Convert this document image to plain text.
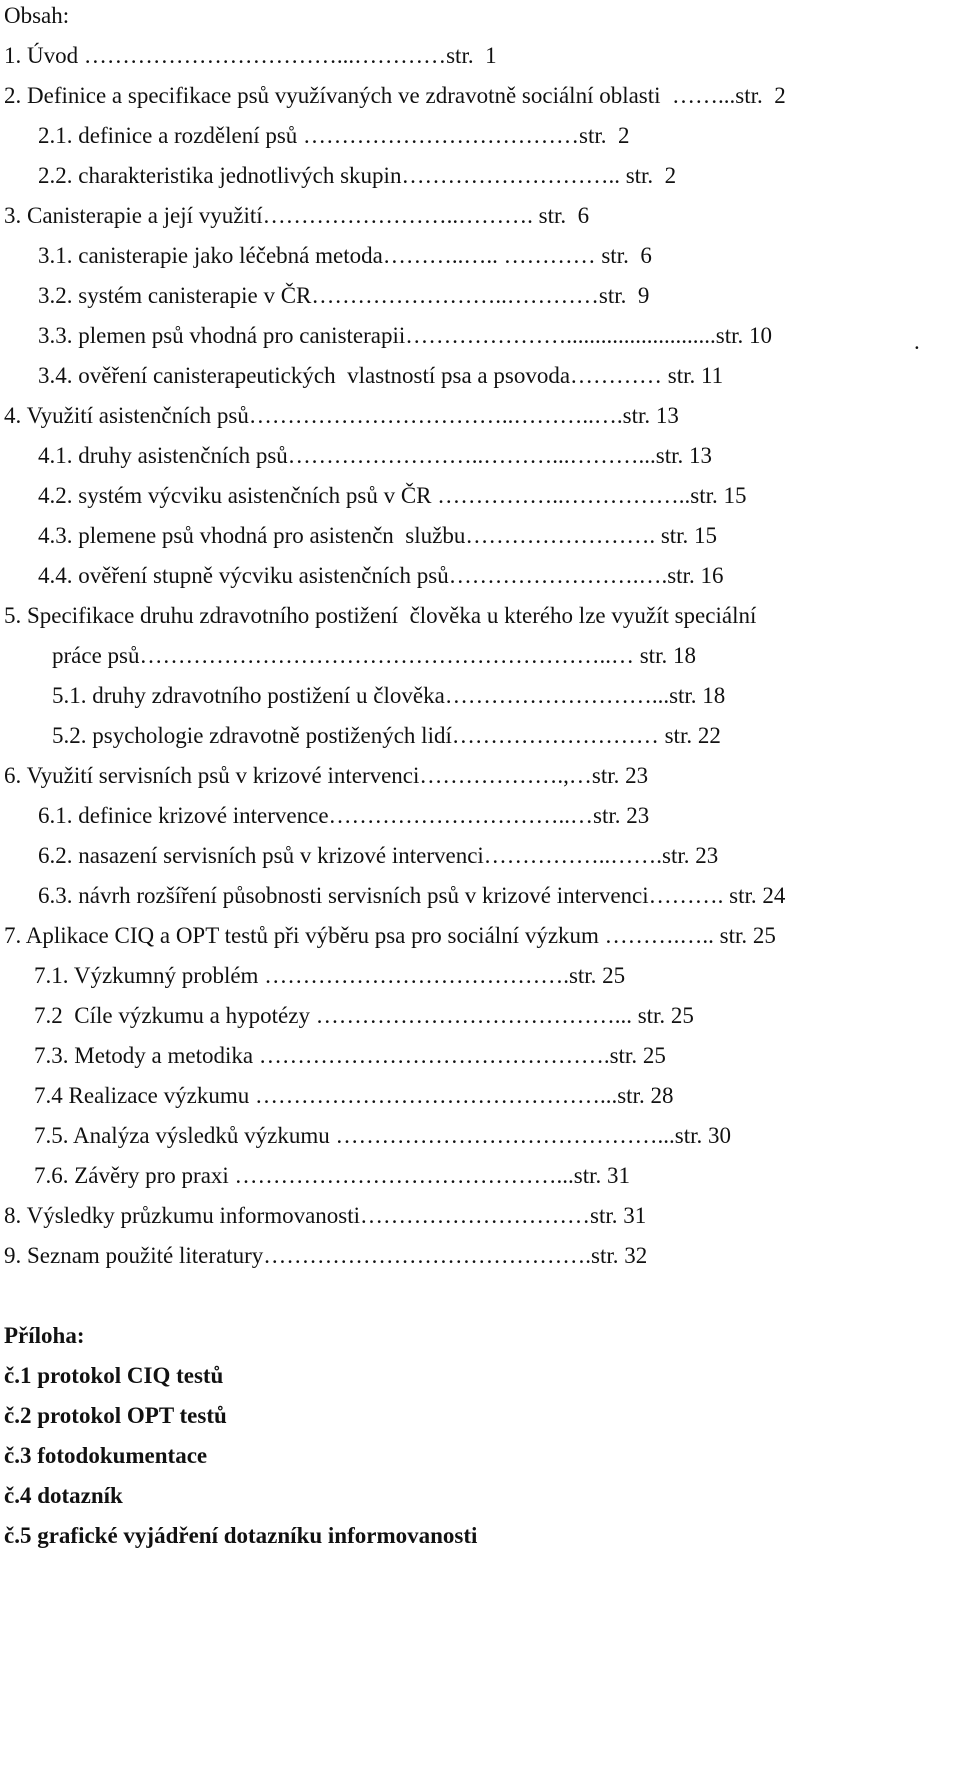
Obsah:
1. Úvod ……………………………...…………str.  1
2. Definice a specifikace psů využívaných ve zdravotně sociální oblasti  ……...str.  2
2.1. definice a rozdělení psů ………………………………str.  2
2.2. charakteristika jednotlivých skupin……………………….. str.  2
3. Canisterapie a její využití……………………..………. str.  6
3.1. canisterapie jako léčebná metoda………..….. ………… str.  6
3.2. systém canisterapie v ČR……………………..…………str.  9
3.3. plemen psů vhodná pro canisterapii…………………..........................str. 10
3.4. ověření canisterapeutických  vlastností psa a psovoda………… str. 11
4. Využití asistenčních psů……………………………..………..….str. 13
4.1. druhy asistenčních psů……………………..………...………...str. 13
4.2. systém výcviku asistenčních psů v ČR ……………..……………..str. 15
4.3. plemene psů vhodná pro asistenčn  službu……………………. str. 15
4.4. ověření stupně výcviku asistenčních psů…………………….….str. 16
5. Specifikace druhu zdravotního postižení  člověka u kterého lze využít speciální
práce psů……………………………………………………..… str. 18
5.1. druhy zdravotního postižení u člověka………………………...str. 18
5.2. psychologie zdravotně postižených lidí……………………… str. 22
6. Využití servisních psů v krizové intervenci……………….,…str. 23
6.1. definice krizové intervence…………………………..…str. 23
6.2. nasazení servisních psů v krizové intervenci……………..…….str. 23
6.3. návrh rozšíření působnosti servisních psů v krizové intervenci………. str. 24
7. Aplikace CIQ a OPT testů při výběru psa pro sociální výzkum ……….….. str. 25
7.1. Výzkumný problém ………………………………….str. 25
7.2  Cíle výzkumu a hypotézy …………………………………... str. 25
7.3. Metody a metodika ……………………………………….str. 25
7.4 Realizace výzkumu ………………………………………...str. 28
7.5. Analýza výsledků výzkumu ……………………………………...str. 30
7.6. Závěry pro praxi ……………………………………...str. 31
8. Výsledky průzkumu informovanosti…………………………str. 31
9. Seznam použité literatury…………………………………….str. 32
.
Příloha:
č.1 protokol CIQ testů
č.2 protokol OPT testů
č.3 fotodokumentace
č.4 dotazník
č.5 grafické vyjádření dotazníku informovanosti
